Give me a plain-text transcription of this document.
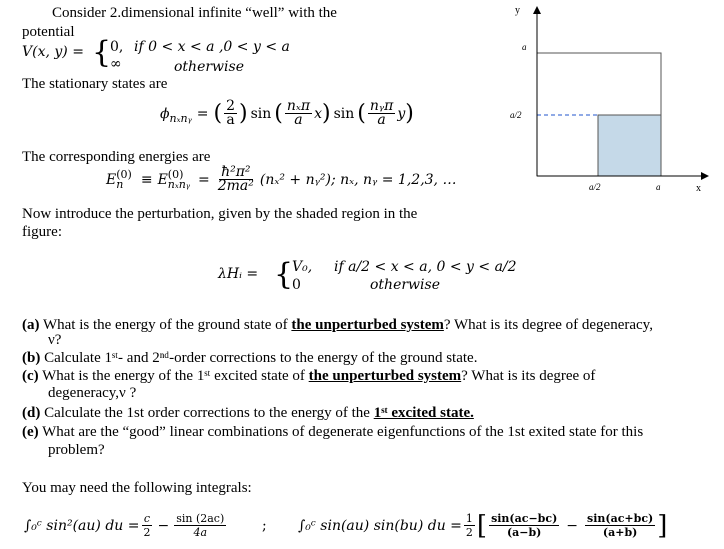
Consider 2.dimensional infinite “well” with the
potential
V(x, y) = {
0, if 0 < x < a ,0 < y < a
∞	otherwise
The stationary states are
ϕ nₓnᵧ = ( $\frac{2}{a}$ ) sin ( $\frac{\text{nₓπ}}{a}$ x ) sin ( $\frac{\text{nᵧπ}}{a}$ y )
The corresponding energies are
E (0)
n	≡ E (0)
nₓnᵧ = $\frac{\text{ħ²π²}}{\text{2ma²}} (n_x^2$ + nᵧ²); nₓ, nᵧ = 1,2,3, …
Now introduce the perturbation, given by the shaded region in the
figure:
λHᵢ = {
V₀, if a/2 < x < a, 0 < y < a/2
0	otherwise
y
a
a/2
a/2	a	x
(a) What is the energy of the ground state of the unperturbed system? What is its degree of degeneracy,
ν?
(b) Calculate 1ˢᵗ- and 2ⁿᵈ-order corrections to the energy of the ground state.
(c) What is the energy of the 1ˢᵗ excited state of the unperturbed system? What is its degree of
degeneracy,ν ?
(d) Calculate the 1st order corrections to the energy of the 1ˢᵗ excited state.
(e) What are the “good” linear combinations of degenerate eigenfunctions of the 1st exited state for this
problem?
You may need the following integrals:
∫₀ᶜ sin²(au) du = $\frac{c}{2} - \frac{\sin (2ac)}{4a}$	; ∫₀ᶜ sin(au) sin(bu) du = $\frac{1}{2}$ [ $\frac{\sin(ac-bc)}{(a-b)} - \frac{\sin(ac+bc)}{(a+b)}$ ]
